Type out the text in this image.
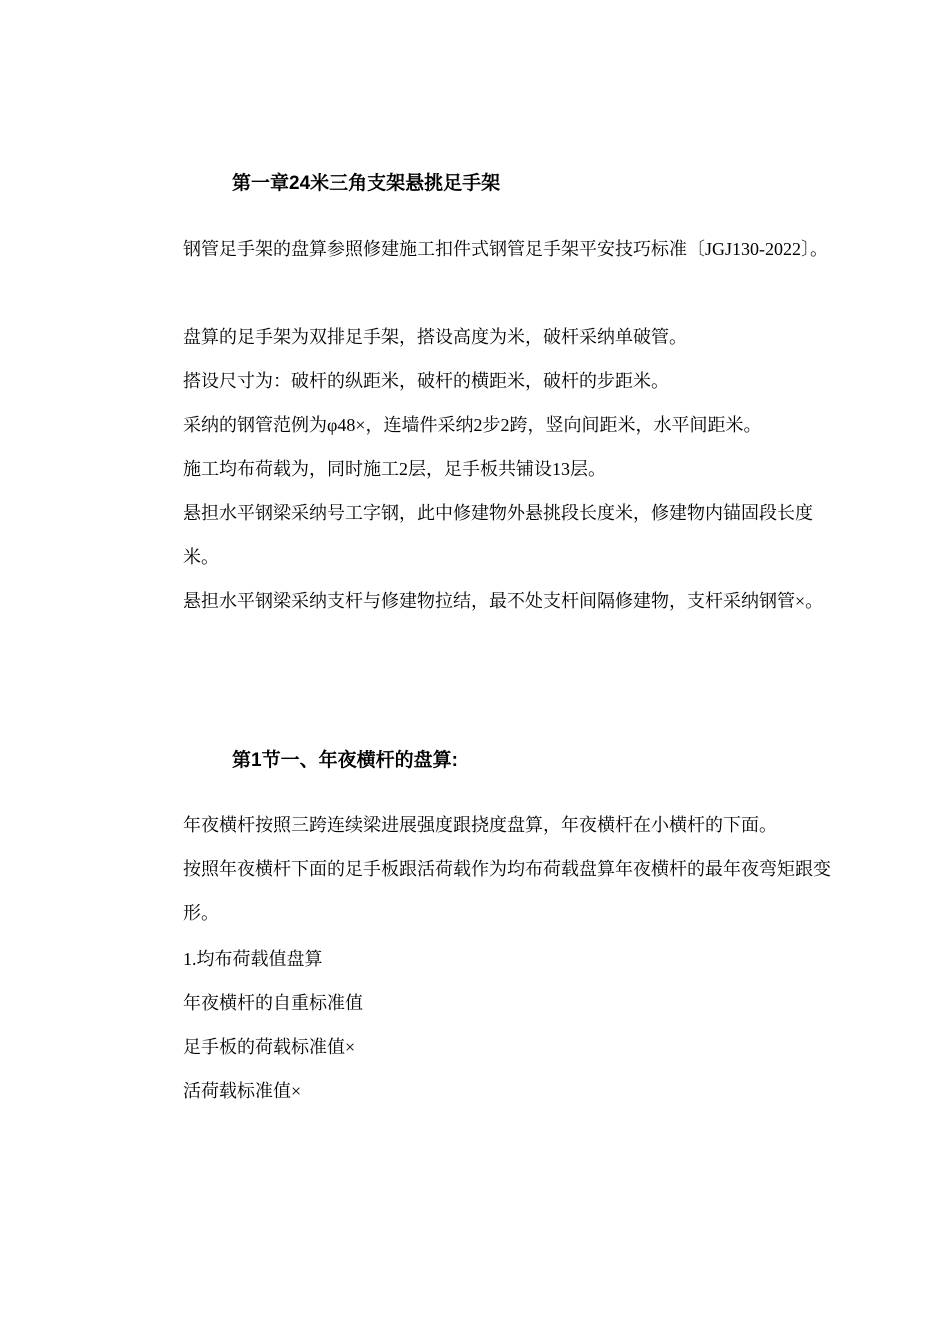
第一章24米三角支架悬挑足手架
钢管足手架的盘算参照修建施工扣件式钢管足手架平安技巧标准〔JGJ130-2022〕。
盘算的足手架为双排足手架，搭设高度为米，破杆采纳单破管。
搭设尺寸为：破杆的纵距米，破杆的横距米，破杆的步距米。
采纳的钢管范例为φ48×，连墙件采纳2步2跨，竖向间距米，水平间距米。
施工均布荷载为，同时施工2层，足手板共铺设13层。
悬担水平钢梁采纳号工字钢，此中修建物外悬挑段长度米，修建物内锚固段长度米。
悬担水平钢梁采纳支杆与修建物拉结，最不处支杆间隔修建物，支杆采纳钢管×。
第1节一、年夜横杆的盘算:
年夜横杆按照三跨连续梁进展强度跟挠度盘算，年夜横杆在小横杆的下面。
按照年夜横杆下面的足手板跟活荷载作为均布荷载盘算年夜横杆的最年夜弯矩跟变形。
1.均布荷载值盘算
年夜横杆的自重标准值
足手板的荷载标准值×
活荷载标准值×
